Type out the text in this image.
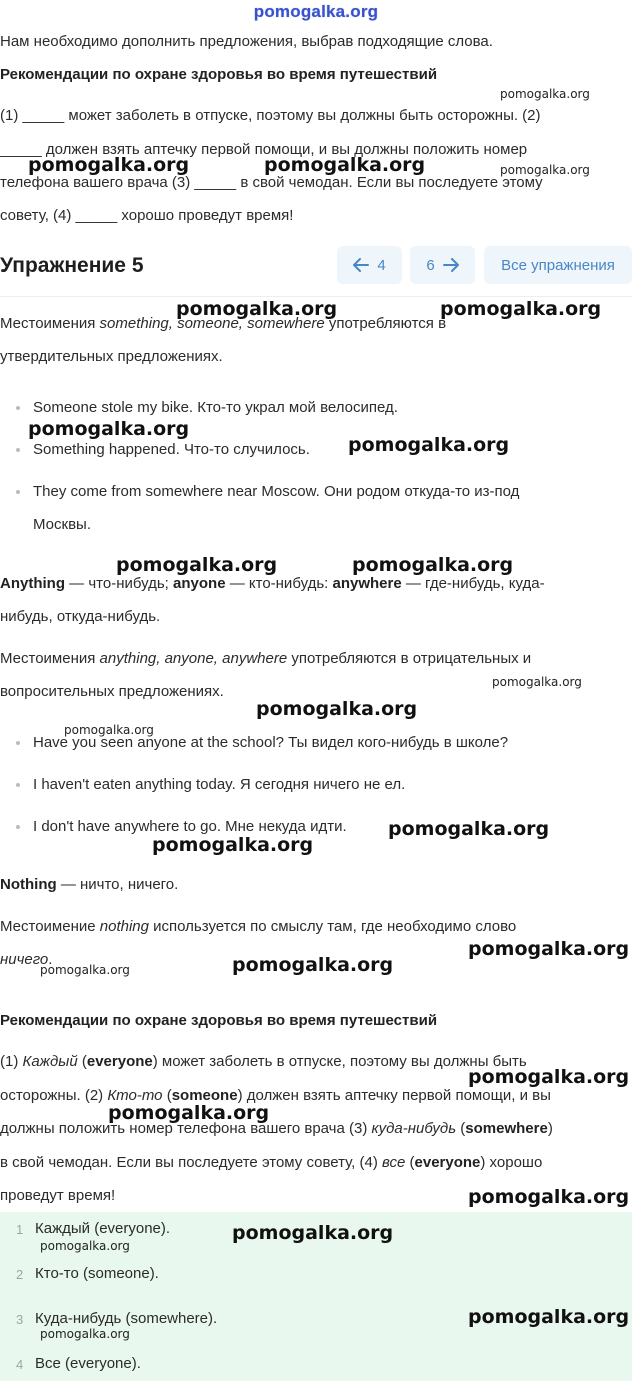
pomogalka.org

Нам необходимо дополнить предложения, выбрав подходящие слова.

Рекомендации по охране здоровья во время путешествий

(1) _____ может заболеть в отпуске, поэтому вы должны быть осторожны. (2)

_____ должен взять аптечку первой помощи, и вы должны положить номер

телефона вашего врача (3) _____ в свой чемодан. Если вы последуете этому

совету, (4) _____ хорошо проведут время!

Упражнение 5	4	6	Все упражнения

Местоимения something, someone, somewhere употребляются в

утвердительных предложениях.

Someone stole my bike. Кто-то украл мой велосипед.

Something happened. Что-то случилось.

They come from somewhere near Moscow. Они родом откуда-то из-под

Москвы.

Anything — что-нибудь; anyone — кто-нибудь: anywhere — где-нибудь, куда-

нибудь, откуда-нибудь.

Местоимения anything, anyone, anywhere употребляются в отрицательных и

вопросительных предложениях.

Have you seen anyone at the school? Ты видел кого-нибудь в школе?

I haven't eaten anything today. Я сегодня ничего не ел.

I don't have anywhere to go. Мне некуда идти.

Nothing — ничто, ничего.

Местоимение nothing используется по смыслу там, где необходимо слово

ничего.

Рекомендации по охране здоровья во время путешествий

(1) Каждый (everyone) может заболеть в отпуске, поэтому вы должны быть

осторожны. (2) Кто-то (someone) должен взять аптечку первой помощи, и вы

должны положить номер телефона вашего врача (3) куда-нибудь (somewhere)

в свой чемодан. Если вы последуете этому совету, (4) все (everyone) хорошо

проведут время!

1 Каждый (everyone).
2 Кто-то (someone).
3 Куда-нибудь (somewhere).
4 Все (everyone).
pomogalka.org
pomogalka.org	pomogalka.org	pomogalka.org
pomogalka.org	pomogalka.org
pomogalka.org
pomogalka.org
pomogalka.org	pomogalka.org
pomogalka.org
pomogalka.org
pomogalka.org
pomogalka.org
pomogalka.org
pomogalka.org
pomogalka.org
pomogalka.org
pomogalka.org
pomogalka.org
pomogalka.org
pomogalka.org
pomogalka.org
pomogalka.org
pomogalka.org
